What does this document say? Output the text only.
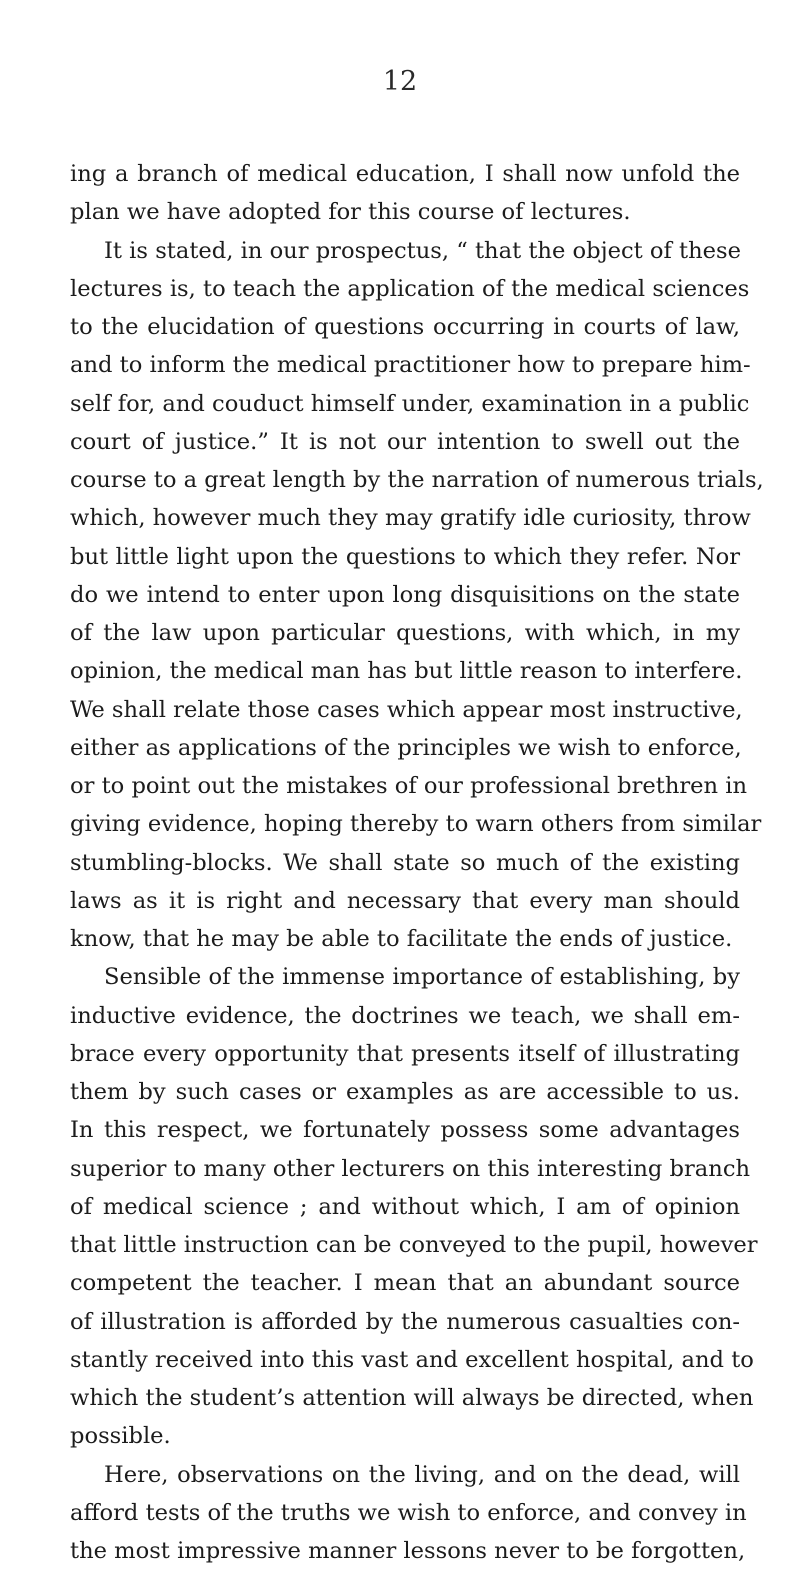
12
ing a branch of medical education, I shall now unfold the
plan we have adopted for this course of lectures.
It is stated, in our prospectus, “ that the object of these
lectures is, to teach the application of the medical sciences
to the elucidation of questions occurring in courts of law,
and to inform the medical practitioner how to prepare him-
self for, and couduct himself under, examination in a public
court of justice.” It is not our intention to swell out the
course to a great length by the narration of numerous trials,
which, however much they may gratify idle curiosity, throw
but little light upon the questions to which they refer. Nor
do we intend to enter upon long disquisitions on the state
of the law upon particular questions, with which, in my
opinion, the medical man has but little reason to interfere.
We shall relate those cases which appear most instructive,
either as applications of the principles we wish to enforce,
or to point out the mistakes of our professional brethren in
giving evidence, hoping thereby to warn others from similar
stumbling-blocks. We shall state so much of the existing
laws as it is right and necessary that every man should
know, that he may be able to facilitate the ends of justice.
Sensible of the immense importance of establishing, by
inductive evidence, the doctrines we teach, we shall em-
brace every opportunity that presents itself of illustrating
them by such cases or examples as are accessible to us.
In this respect, we fortunately possess some advantages
superior to many other lecturers on this interesting branch
of medical science ; and without which, I am of opinion
that little instruction can be conveyed to the pupil, however
competent the teacher. I mean that an abundant source
of illustration is afforded by the numerous casualties con-
stantly received into this vast and excellent hospital, and to
which the student’s attention will always be directed, when
possible.
Here, observations on the living, and on the dead, will
afford tests of the truths we wish to enforce, and convey in
the most impressive manner lessons never to be forgotten,
